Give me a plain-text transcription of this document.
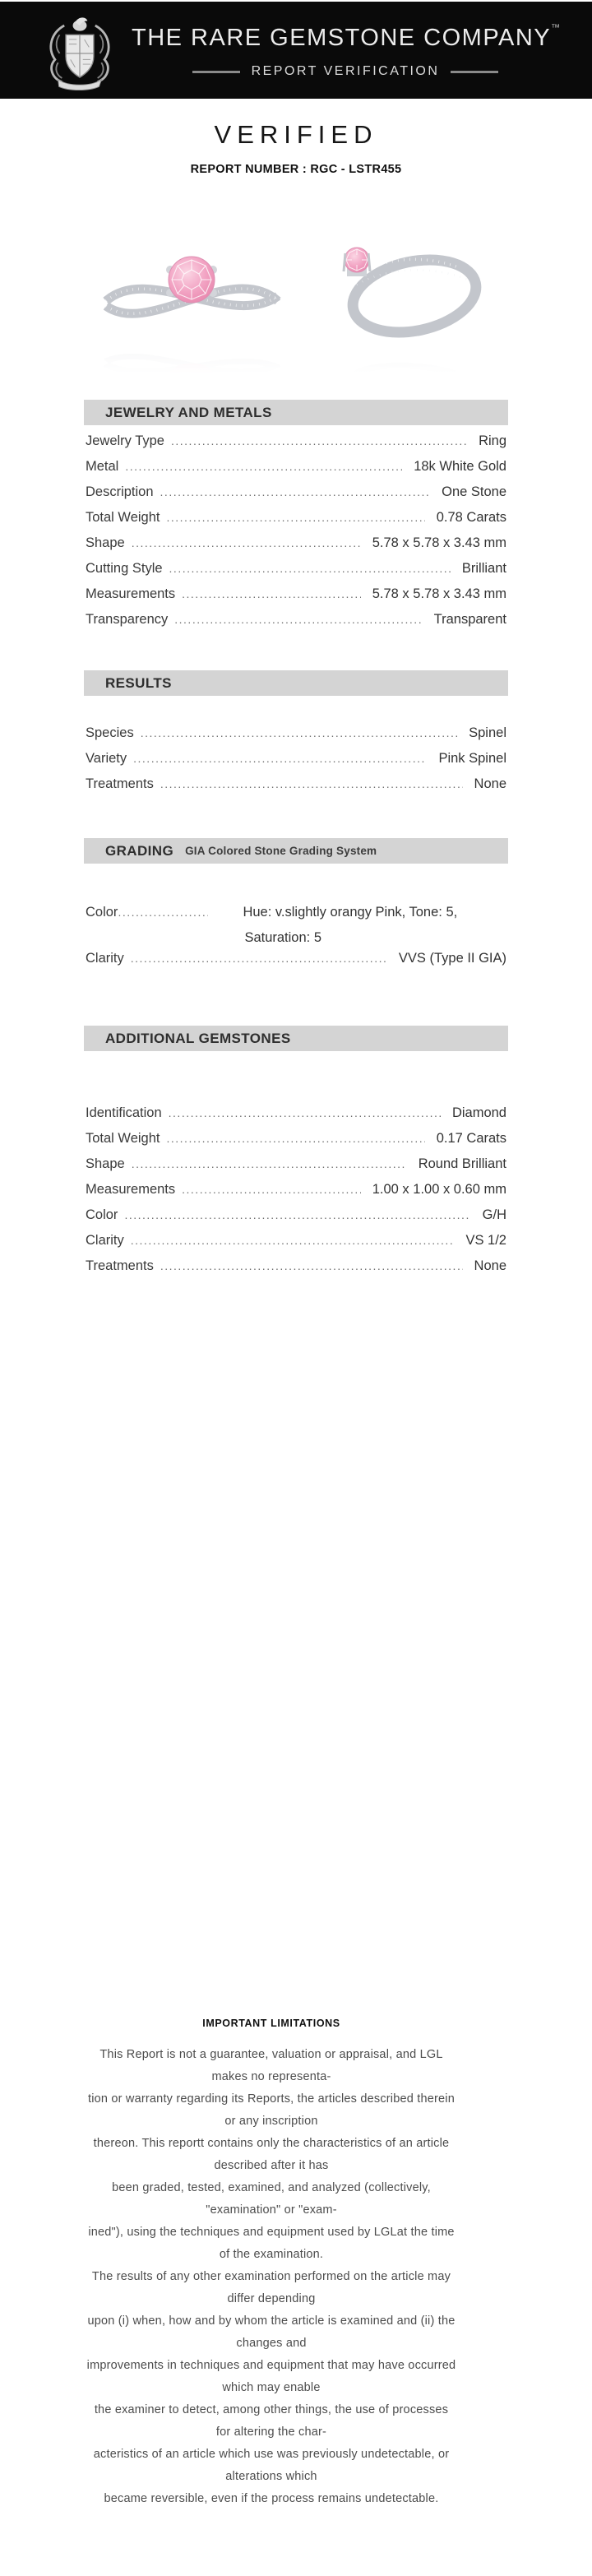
THE RARE GEMSTONE COMPANY™
REPORT VERIFICATION
VERIFIED
REPORT NUMBER : RGC - LSTR455
JEWELRY AND METALS
Jewelry Type .....	Ring
Metal .....	18k White Gold
Description .....	One Stone
Total Weight .....	0.78 Carats
Shape .....	5.78 x 5.78 x 3.43 mm
Cutting Style .....	Brilliant
Measurements .....	5.78 x 5.78 x 3.43 mm
Transparency .....	Transparent
RESULTS
Species .....	Spinel
Variety .....	Pink Spinel
Treatments .....	None
GRADING GIA Colored Stone Grading System
Color .....	Hue: v.slightly orangy Pink, Tone: 5,
Saturation: 5
Clarity .....	VVS (Type II GIA)
ADDITIONAL GEMSTONES
Identification .....	Diamond
Total Weight .....	0.17 Carats
Shape .....	Round Brilliant
Measurements .....	1.00 x 1.00 x 0.60 mm
Color .....	G/H
Clarity .....	VS 1/2
Treatments .....	None
IMPORTANT LIMITATIONS
This Report is not a guarantee, valuation or appraisal, and LGL makes no representa-
tion or warranty regarding its Reports, the articles described therein or any inscription
thereon. This reportt contains only the characteristics of an article described after it has
been graded, tested, examined, and analyzed (collectively, "examination" or "exam-
ined"), using the techniques and equipment used by LGLat the time of the examination.
The results of any other examination performed on the article may differ depending
upon (i) when, how and by whom the article is examined and (ii) the changes and
improvements in techniques and equipment that may have occurred which may enable
the examiner to detect, among other things, the use of processes for altering the char-
acteristics of an article which use was previously undetectable, or alterations which
became reversible, even if the process remains undetectable.
